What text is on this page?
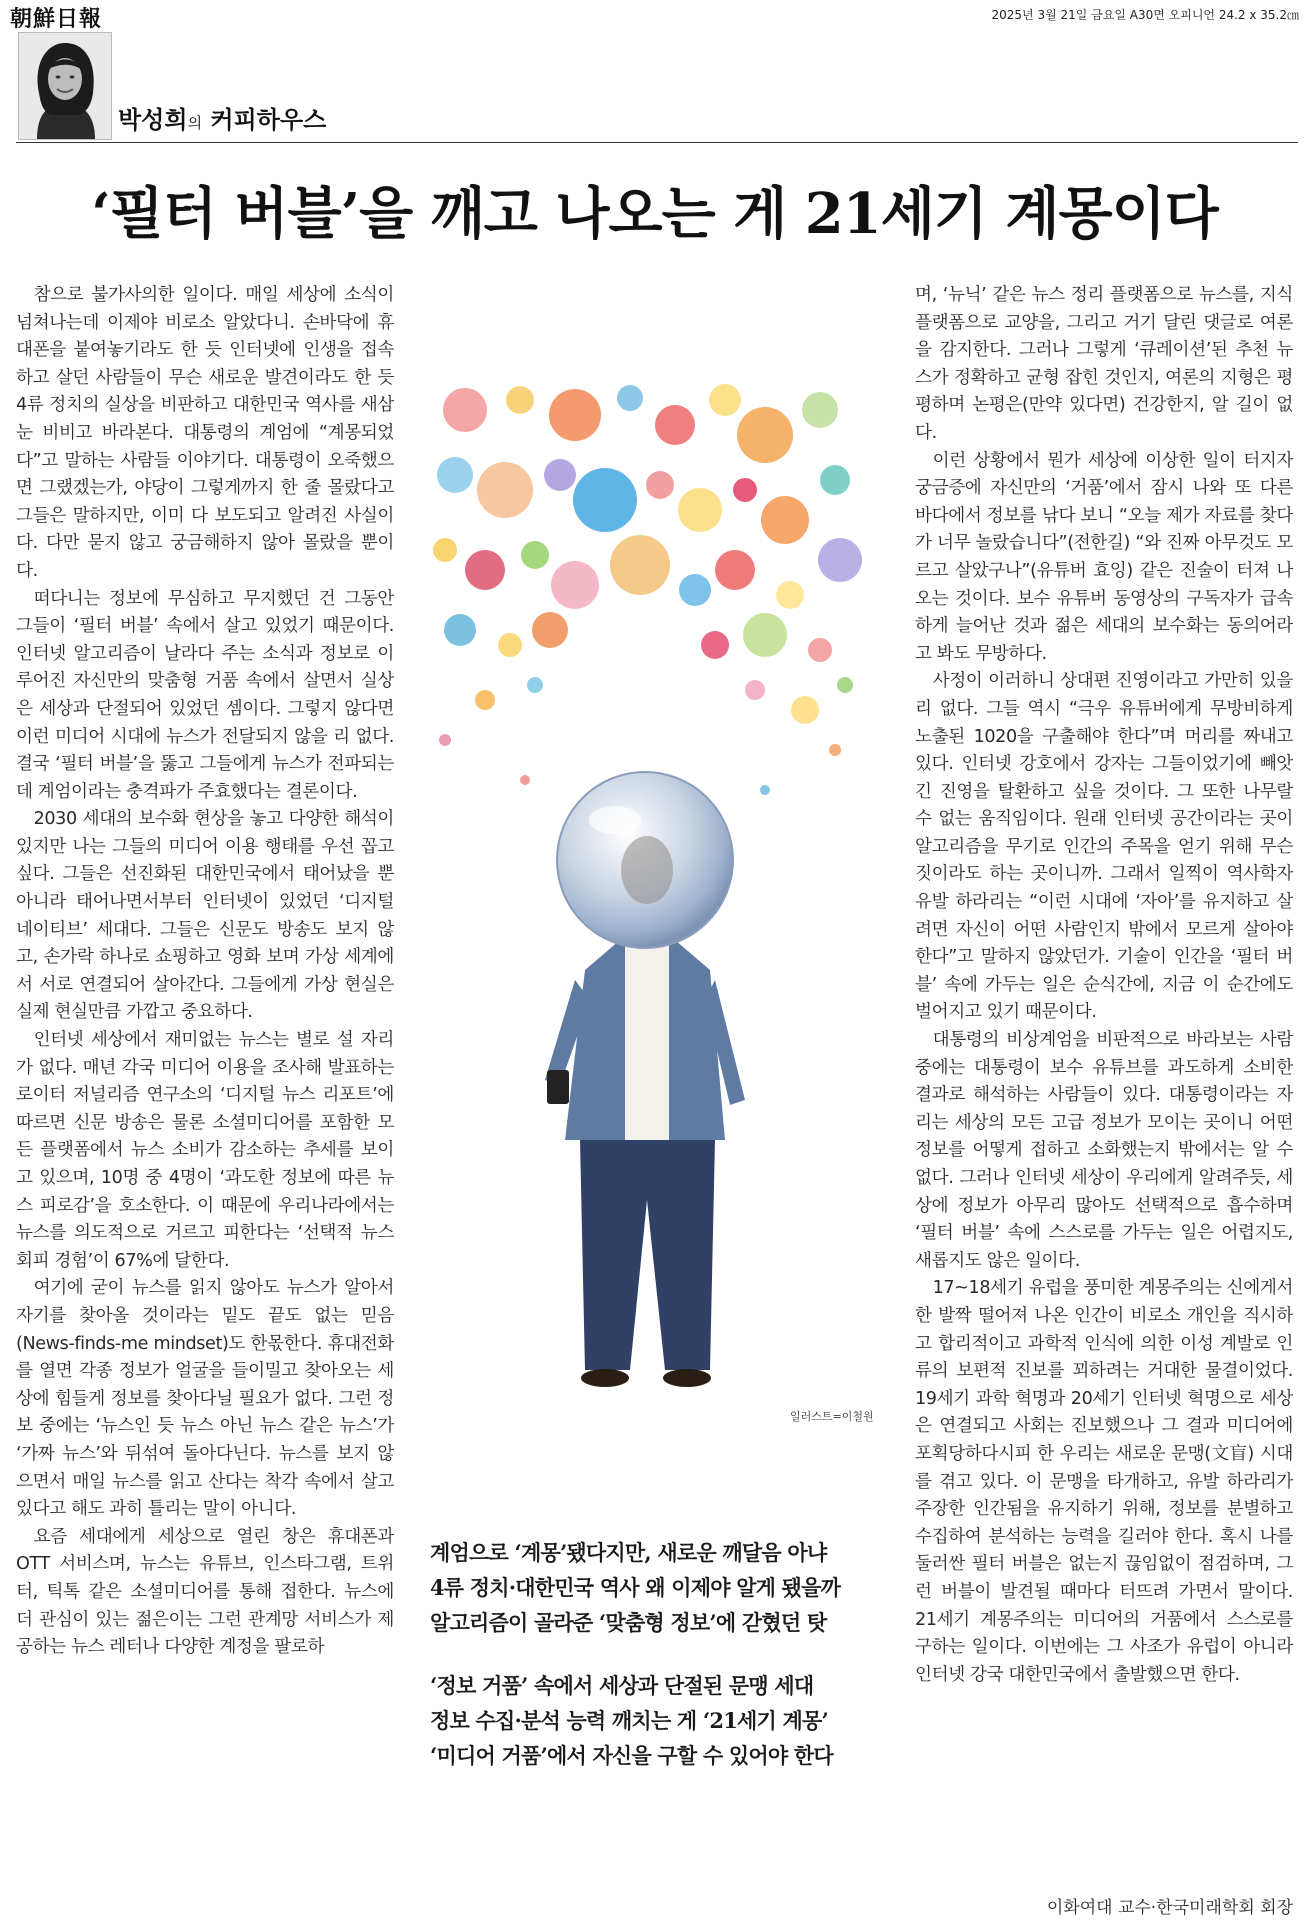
朝鮮日報	2025년 3월 21일 금요일 A30면 오피니언 24.2 x 35.2㎝
박성희의 커피하우스
‘필터 버블’을 깨고 나오는 게 21세기 계몽이다

참으로 불가사의한 일이다. 매일 세상에 소식이 넘쳐나는데 이제야 비로소 알았다니. 손바닥에 휴대폰을 붙여놓기라도 한 듯 인터넷에 인생을 접속하고 살던 사람들이 무슨 새로운 발견이라도 한 듯 4류 정치의 실상을 비판하고 대한민국 역사를 새삼 눈 비비고 바라본다. 대통령의 계엄에 “계몽되었다”고 말하는 사람들 이야기다. 대통령이 오죽했으면 그랬겠는가, 야당이 그렇게까지 한 줄 몰랐다고 그들은 말하지만, 이미 다 보도되고 알려진 사실이다. 다만 묻지 않고 궁금해하지 않아 몰랐을 뿐이다.

떠다니는 정보에 무심하고 무지했던 건 그동안 그들이 ‘필터 버블’ 속에서 살고 있었기 때문이다. 인터넷 알고리즘이 날라다 주는 소식과 정보로 이루어진 자신만의 맞춤형 거품 속에서 살면서 실상은 세상과 단절되어 있었던 셈이다. 그렇지 않다면 이런 미디어 시대에 뉴스가 전달되지 않을 리 없다. 결국 ‘필터 버블’을 뚫고 그들에게 뉴스가 전파되는 데 계엄이라는 충격파가 주효했다는 결론이다.

2030 세대의 보수화 현상을 놓고 다양한 해석이 있지만 나는 그들의 미디어 이용 행태를 우선 꼽고 싶다. 그들은 선진화된 대한민국에서 태어났을 뿐 아니라 태어나면서부터 인터넷이 있었던 ‘디지털 네이티브’ 세대다. 그들은 신문도 방송도 보지 않고, 손가락 하나로 쇼핑하고 영화 보며 가상 세계에서 서로 연결되어 살아간다. 그들에게 가상 현실은 실제 현실만큼 가깝고 중요하다.

인터넷 세상에서 재미없는 뉴스는 별로 설 자리가 없다. 매년 각국 미디어 이용을 조사해 발표하는 로이터 저널리즘 연구소의 ‘디지털 뉴스 리포트’에 따르면 신문 방송은 물론 소셜미디어를 포함한 모든 플랫폼에서 뉴스 소비가 감소하는 추세를 보이고 있으며, 10명 중 4명이 ‘과도한 정보에 따른 뉴스 피로감’을 호소한다. 이 때문에 우리나라에서는 뉴스를 의도적으로 거르고 피한다는 ‘선택적 뉴스 회피 경험’이 67%에 달한다.

여기에 굳이 뉴스를 읽지 않아도 뉴스가 알아서 자기를 찾아올 것이라는 밑도 끝도 없는 믿음(News-finds-me mindset)도 한몫한다. 휴대전화를 열면 각종 정보가 얼굴을 들이밀고 찾아오는 세상에 힘들게 정보를 찾아다닐 필요가 없다. 그런 정보 중에는 ‘뉴스인 듯 뉴스 아닌 뉴스 같은 뉴스’가 ‘가짜 뉴스’와 뒤섞여 돌아다닌다. 뉴스를 보지 않으면서 매일 뉴스를 읽고 산다는 착각 속에서 살고 있다고 해도 과히 틀리는 말이 아니다.

요즘 세대에게 세상으로 열린 창은 휴대폰과 OTT 서비스며, 뉴스는 유튜브, 인스타그램, 트위터, 틱톡 같은 소셜미디어를 통해 접한다. 뉴스에 더 관심이 있는 젊은이는 그런 관계망 서비스가 제공하는 뉴스 레터나 다양한 계정을 팔로하

일러스트=이철원
계엄으로 ‘계몽’됐다지만, 새로운 깨달음 아냐
4류 정치·대한민국 역사 왜 이제야 알게 됐을까
알고리즘이 골라준 ‘맞춤형 정보’에 갇혔던 탓
‘정보 거품’ 속에서 세상과 단절된 문맹 세대
정보 수집·분석 능력 깨치는 게 ‘21세기 계몽’
‘미디어 거품’에서 자신을 구할 수 있어야 한다

며, ‘뉴닉’ 같은 뉴스 정리 플랫폼으로 뉴스를, 지식 플랫폼으로 교양을, 그리고 거기 달린 댓글로 여론을 감지한다. 그러나 그렇게 ‘큐레이션’된 추천 뉴스가 정확하고 균형 잡힌 것인지, 여론의 지형은 평평하며 논평은(만약 있다면) 건강한지, 알 길이 없다.

이런 상황에서 뭔가 세상에 이상한 일이 터지자 궁금증에 자신만의 ‘거품’에서 잠시 나와 또 다른 바다에서 정보를 낚다 보니 “오늘 제가 자료를 찾다가 너무 놀랐습니다”(전한길) “와 진짜 아무것도 모르고 살았구나”(유튜버 효잉) 같은 진술이 터져 나오는 것이다. 보수 유튜버 동영상의 구독자가 급속하게 늘어난 것과 젊은 세대의 보수화는 동의어라고 봐도 무방하다.

사정이 이러하니 상대편 진영이라고 가만히 있을 리 없다. 그들 역시 “극우 유튜버에게 무방비하게 노출된 1020을 구출해야 한다”며 머리를 짜내고 있다. 인터넷 강호에서 강자는 그들이었기에 빼앗긴 진영을 탈환하고 싶을 것이다. 그 또한 나무랄 수 없는 움직임이다. 원래 인터넷 공간이라는 곳이 알고리즘을 무기로 인간의 주목을 얻기 위해 무슨 짓이라도 하는 곳이니까. 그래서 일찍이 역사학자 유발 하라리는 “이런 시대에 ‘자아’를 유지하고 살려면 자신이 어떤 사람인지 밖에서 모르게 살아야 한다”고 말하지 않았던가. 기술이 인간을 ‘필터 버블’ 속에 가두는 일은 순식간에, 지금 이 순간에도 벌어지고 있기 때문이다.

대통령의 비상계엄을 비판적으로 바라보는 사람 중에는 대통령이 보수 유튜브를 과도하게 소비한 결과로 해석하는 사람들이 있다. 대통령이라는 자리는 세상의 모든 고급 정보가 모이는 곳이니 어떤 정보를 어떻게 접하고 소화했는지 밖에서는 알 수 없다. 그러나 인터넷 세상이 우리에게 알려주듯, 세상에 정보가 아무리 많아도 선택적으로 흡수하며 ‘필터 버블’ 속에 스스로를 가두는 일은 어렵지도, 새롭지도 않은 일이다.

17~18세기 유럽을 풍미한 계몽주의는 신에게서 한 발짝 떨어져 나온 인간이 비로소 개인을 직시하고 합리적이고 과학적 인식에 의한 이성 계발로 인류의 보편적 진보를 꾀하려는 거대한 물결이었다. 19세기 과학 혁명과 20세기 인터넷 혁명으로 세상은 연결되고 사회는 진보했으나 그 결과 미디어에 포획당하다시피 한 우리는 새로운 문맹(文盲) 시대를 겪고 있다. 이 문맹을 타개하고, 유발 하라리가 주장한 인간됨을 유지하기 위해, 정보를 분별하고 수집하여 분석하는 능력을 길러야 한다. 혹시 나를 둘러싼 필터 버블은 없는지 끊임없이 점검하며, 그런 버블이 발견될 때마다 터뜨려 가면서 말이다. 21세기 계몽주의는 미디어의 거품에서 스스로를 구하는 일이다. 이번에는 그 사조가 유럽이 아니라 인터넷 강국 대한민국에서 출발했으면 한다.

이화여대 교수·한국미래학회 회장
